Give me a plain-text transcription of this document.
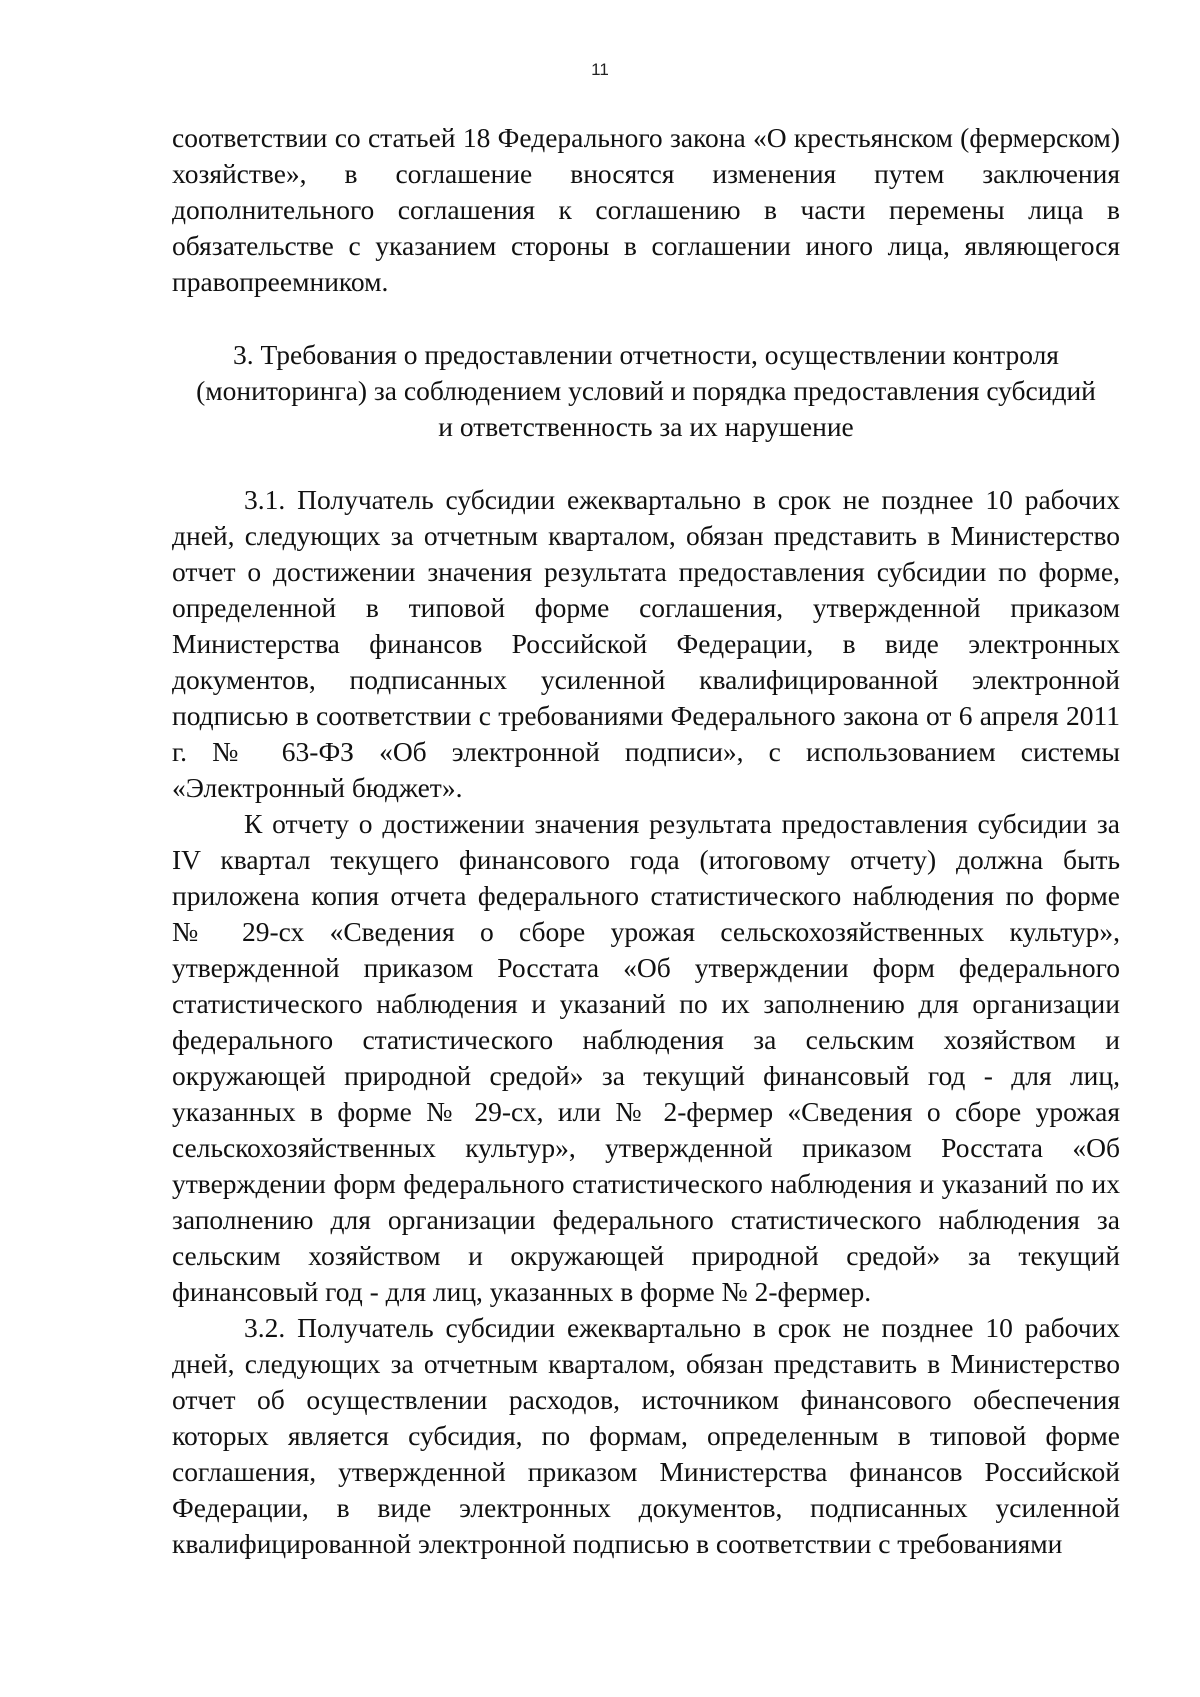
11

соответствии со статьей 18 Федерального закона «О крестьянском (фермерском) хозяйстве», в соглашение вносятся изменения путем заключения дополнительного соглашения к соглашению в части перемены лица в обязательстве с указанием стороны в соглашении иного лица, являющегося правопреемником.

3. Требования о предоставлении отчетности, осуществлении контроля
(мониторинга) за соблюдением условий и порядка предоставления субсидий
и ответственность за их нарушение

3.1. Получатель субсидии ежеквартально в срок не позднее 10 рабочих дней, следующих за отчетным кварталом, обязан представить в Министерство отчет о достижении значения результата предоставления субсидии по форме, определенной в типовой форме соглашения, утвержденной приказом Министерства финансов Российской Федерации, в виде электронных документов, подписанных усиленной квалифицированной электронной подписью в соответствии с требованиями Федерального закона от 6 апреля 2011 г. № 63-ФЗ «Об электронной подписи», с использованием системы «Электронный бюджет».

К отчету о достижении значения результата предоставления субсидии за IV квартал текущего финансового года (итоговому отчету) должна быть приложена копия отчета федерального статистического наблюдения по форме № 29-сх «Сведения о сборе урожая сельскохозяйственных культур», утвержденной приказом Росстата «Об утверждении форм федерального статистического наблюдения и указаний по их заполнению для организации федерального статистического наблюдения за сельским хозяйством и окружающей природной средой» за текущий финансовый год - для лиц, указанных в форме № 29-сх, или № 2-фермер «Сведения о сборе урожая сельскохозяйственных культур», утвержденной приказом Росстата «Об утверждении форм федерального статистического наблюдения и указаний по их заполнению для организации федерального статистического наблюдения за сельским хозяйством и окружающей природной средой» за текущий финансовый год - для лиц, указанных в форме № 2-фермер.

3.2. Получатель субсидии ежеквартально в срок не позднее 10 рабочих дней, следующих за отчетным кварталом, обязан представить в Министерство отчет об осуществлении расходов, источником финансового обеспечения которых является субсидия, по формам, определенным в типовой форме соглашения, утвержденной приказом Министерства финансов Российской Федерации, в виде электронных документов, подписанных усиленной квалифицированной электронной подписью в соответствии с требованиями
